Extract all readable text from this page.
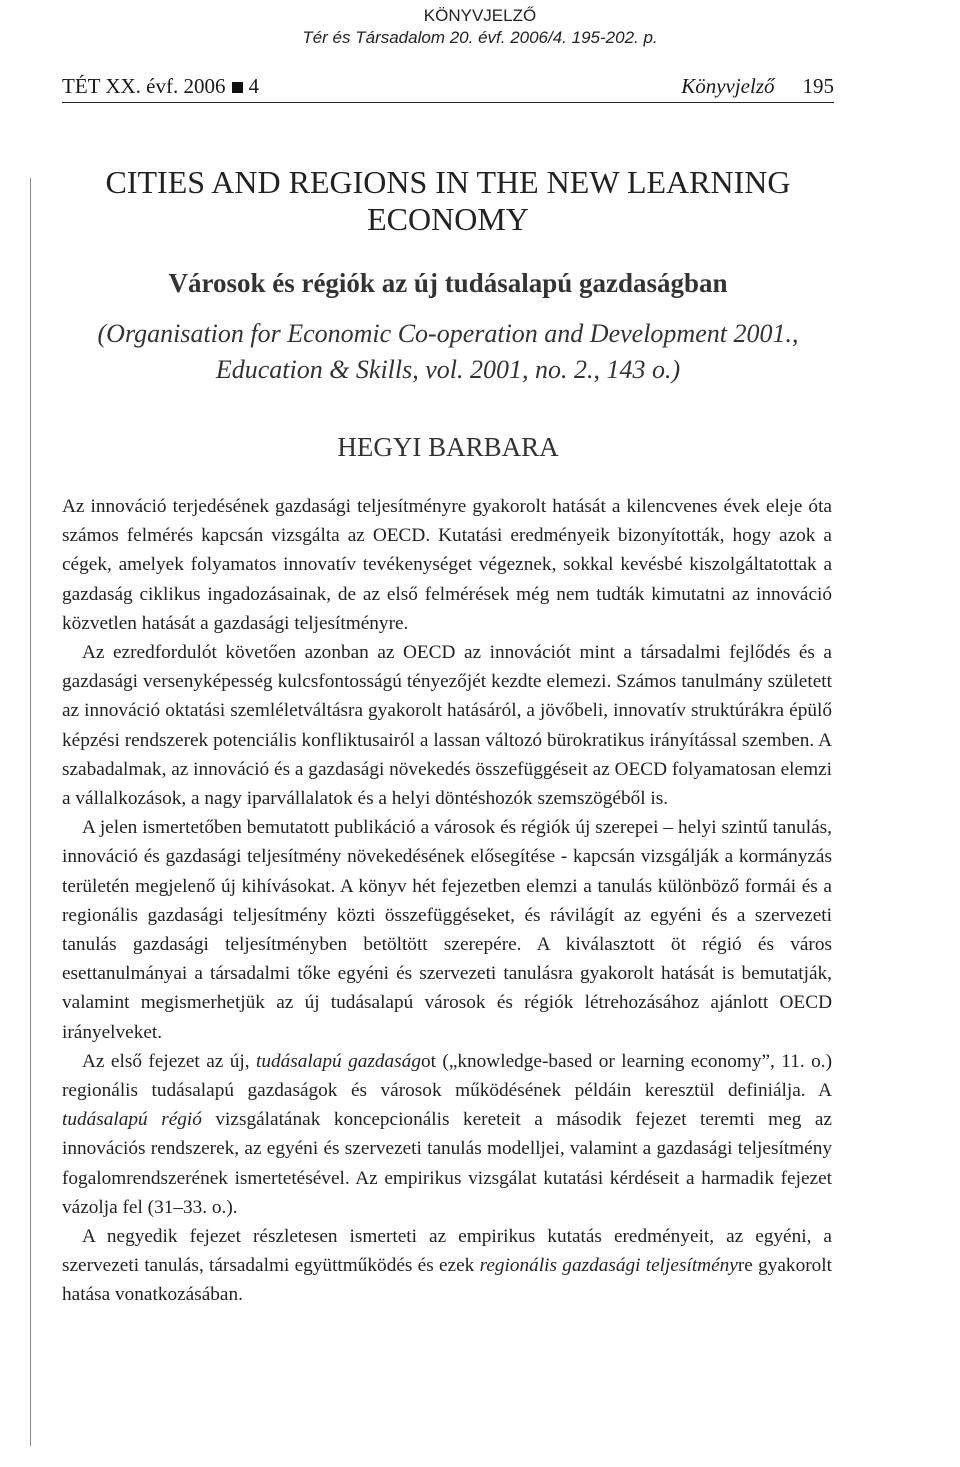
KÖNYVJELZŐ
Tér és Társadalom 20. évf. 2006/4. 195-202. p.
TÉT XX. évf. 2006 4	Könyvjelző 195
CITIES AND REGIONS IN THE NEW LEARNING ECONOMY
Városok és régiók az új tudásalapú gazdaságban

(Organisation for Economic Co-operation and Development 2001., Education & Skills, vol. 2001, no. 2., 143 o.)

HEGYI BARBARA

Az innováció terjedésének gazdasági teljesítményre gyakorolt hatását a kilencvenes évek eleje óta számos felmérés kapcsán vizsgálta az OECD. Kutatási eredményeik bizonyították, hogy azok a cégek, amelyek folyamatos innovatív tevékenységet végeznek, sokkal kevésbé kiszolgáltatottak a gazdaság ciklikus ingadozásainak, de az első felmérések még nem tudták kimutatni az innováció közvetlen hatását a gazdasági teljesítményre.

Az ezredfordulót követően azonban az OECD az innovációt mint a társadalmi fejlődés és a gazdasági versenyképesség kulcsfontosságú tényezőjét kezdte elemezi. Számos tanulmány született az innováció oktatási szemléletváltásra gyakorolt hatásáról, a jövőbeli, innovatív struktúrákra épülő képzési rendszerek potenciális konfliktusairól a lassan változó bürokratikus irányítással szemben. A szabadalmak, az innováció és a gazdasági növekedés összefüggéseit az OECD folyamatosan elemzi a vállalkozások, a nagy iparvállalatok és a helyi döntéshozók szemszögéből is.

A jelen ismertetőben bemutatott publikáció a városok és régiók új szerepei – helyi szintű tanulás, innováció és gazdasági teljesítmény növekedésének elősegítése - kapcsán vizsgálják a kormányzás területén megjelenő új kihívásokat. A könyv hét fejezetben elemzi a tanulás különböző formái és a regionális gazdasági teljesítmény közti összefüggéseket, és rávilágít az egyéni és a szervezeti tanulás gazdasági teljesítményben betöltött szerepére. A kiválasztott öt régió és város esettanulmányai a társadalmi tőke egyéni és szervezeti tanulásra gyakorolt hatását is bemutatják, valamint megismerhetjük az új tudásalapú városok és régiók létrehozásához ajánlott OECD irányelveket.

Az első fejezet az új, tudásalapú gazdaságot („knowledge-based or learning economy”, 11. o.) regionális tudásalapú gazdaságok és városok működésének példáin keresztül definiálja. A tudásalapú régió vizsgálatának koncepcionális kereteit a második fejezet teremti meg az innovációs rendszerek, az egyéni és szervezeti tanulás modelljei, valamint a gazdasági teljesítmény fogalomrendszerének ismertetésével. Az empirikus vizsgálat kutatási kérdéseit a harmadik fejezet vázolja fel (31–33. o.).

A negyedik fejezet részletesen ismerteti az empirikus kutatás eredményeit, az egyéni, a szervezeti tanulás, társadalmi együttműködés és ezek regionális gazdasági teljesítményre gyakorolt hatása vonatkozásában.
